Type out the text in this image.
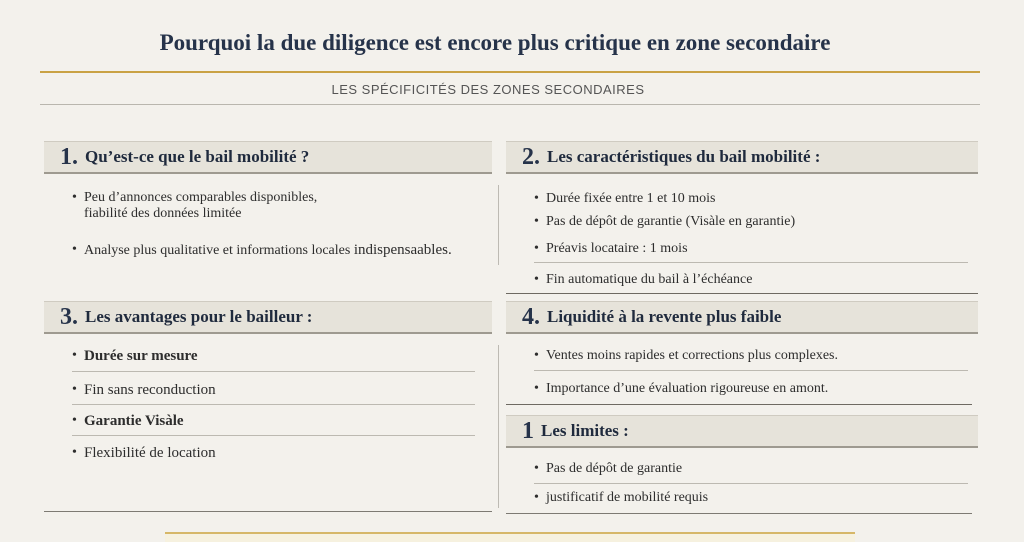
Pourquoi la due diligence est encore plus critique en zone secondaire
LES SPÉCIFICITÉS DES ZONES SECONDAIRES
1. Qu’est-ce que le bail mobilité ?
• Peu d’annonces comparables disponibles,
fiabilité des données limitée
• Analyse plus qualitative et informations locales indispensaables.
2. Les caractéristiques du bail mobilité :
• Durée fixée entre 1 et 10 mois
• Pas de dépôt de garantie (Visàle en garantie)
• Préavis locataire : 1 mois
• Fin automatique du bail à l’échéance
3. Les avantages pour le bailleur :
• Durée sur mesure
• Fin sans reconduction
• Garantie Visàle
• Flexibilité de location
4. Liquidité à la revente plus faible
• Ventes moins rapides et corrections plus complexes.
• Importance d’une évaluation rigoureuse en amont.
1 Les limites :
• Pas de dépôt de garantie
• justificatif de mobilité requis
